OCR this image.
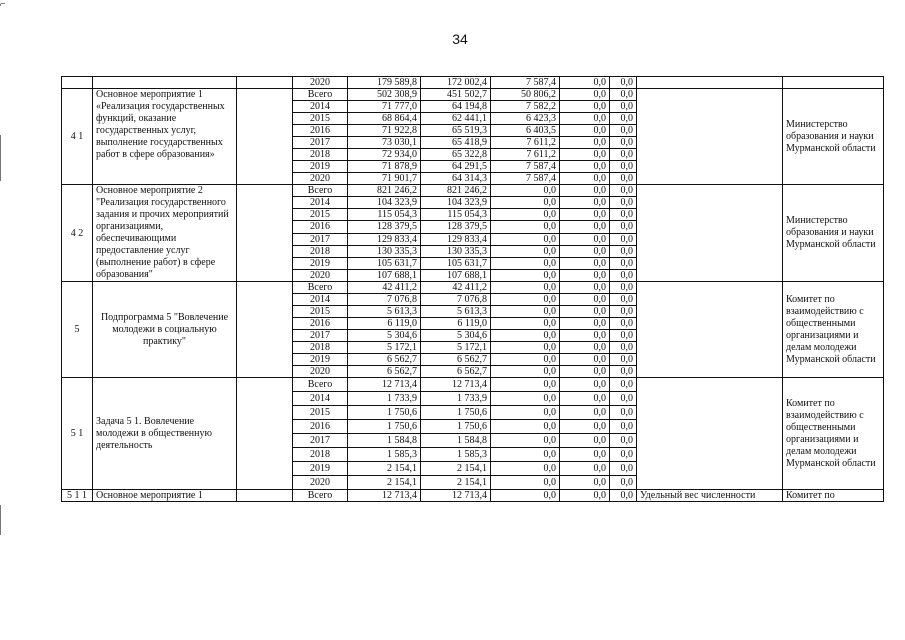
⌐
34
			2020	179 589,8	172 002,4	7 587,4	0,0	0,0		
4 1	Основное мероприятие 1 «Реализация государственных функций, оказание государственных услуг, выполнение государственных работ в сфере образования»		Всего	502 308,9	451 502,7	50 806,2	0,0	0,0		Министерство образования и науки Мурманской области
			2014	71 777,0	64 194,8	7 582,2	0,0	0,0		
			2015	68 864,4	62 441,1	6 423,3	0,0	0,0		
			2016	71 922,8	65 519,3	6 403,5	0,0	0,0		
			2017	73 030,1	65 418,9	7 611,2	0,0	0,0		
			2018	72 934,0	65 322,8	7 611,2	0,0	0,0		
			2019	71 878,9	64 291,5	7 587,4	0,0	0,0		
			2020	71 901,7	64 314,3	7 587,4	0,0	0,0		
4 2	Основное мероприятие 2 "Реализация государственного задания и прочих мероприятий организациями, обеспечивающими предоставление услуг (выполнение работ) в сфере образования"		Всего	821 246,2	821 246,2	0,0	0,0	0,0		Министерство образования и науки Мурманской области
			2014	104 323,9	104 323,9	0,0	0,0	0,0		
			2015	115 054,3	115 054,3	0,0	0,0	0,0		
			2016	128 379,5	128 379,5	0,0	0,0	0,0		
			2017	129 833,4	129 833,4	0,0	0,0	0,0		
			2018	130 335,3	130 335,3	0,0	0,0	0,0		
			2019	105 631,7	105 631,7	0,0	0,0	0,0		
			2020	107 688,1	107 688,1	0,0	0,0	0,0		
5	Подпрограмма 5 "Вовлечение молодежи в социальную практику"		Всего	42 411,2	42 411,2	0,0	0,0	0,0		Комитет по взаимодействию с общественными организациями и делам молодежи Мурманской области
			2014	7 076,8	7 076,8	0,0	0,0	0,0		
			2015	5 613,3	5 613,3	0,0	0,0	0,0		
			2016	6 119,0	6 119,0	0,0	0,0	0,0		
			2017	5 304,6	5 304,6	0,0	0,0	0,0		
			2018	5 172,1	5 172,1	0,0	0,0	0,0		
			2019	6 562,7	6 562,7	0,0	0,0	0,0		
			2020	6 562,7	6 562,7	0,0	0,0	0,0		
5 1	Задача 5 1. Вовлечение молодежи в общественную деятельность		Всего	12 713,4	12 713,4	0,0	0,0	0,0		Комитет по взаимодействию с общественными организациями и делам молодежи Мурманской области
			2014	1 733,9	1 733,9	0,0	0,0	0,0		
			2015	1 750,6	1 750,6	0,0	0,0	0,0		
			2016	1 750,6	1 750,6	0,0	0,0	0,0		
			2017	1 584,8	1 584,8	0,0	0,0	0,0		
			2018	1 585,3	1 585,3	0,0	0,0	0,0		
			2019	2 154,1	2 154,1	0,0	0,0	0,0		
			2020	2 154,1	2 154,1	0,0	0,0	0,0		
5 1 1	Основное мероприятие 1		Всего	12 713,4	12 713,4	0,0	0,0	0,0	Удельный вес численности	Комитет по
